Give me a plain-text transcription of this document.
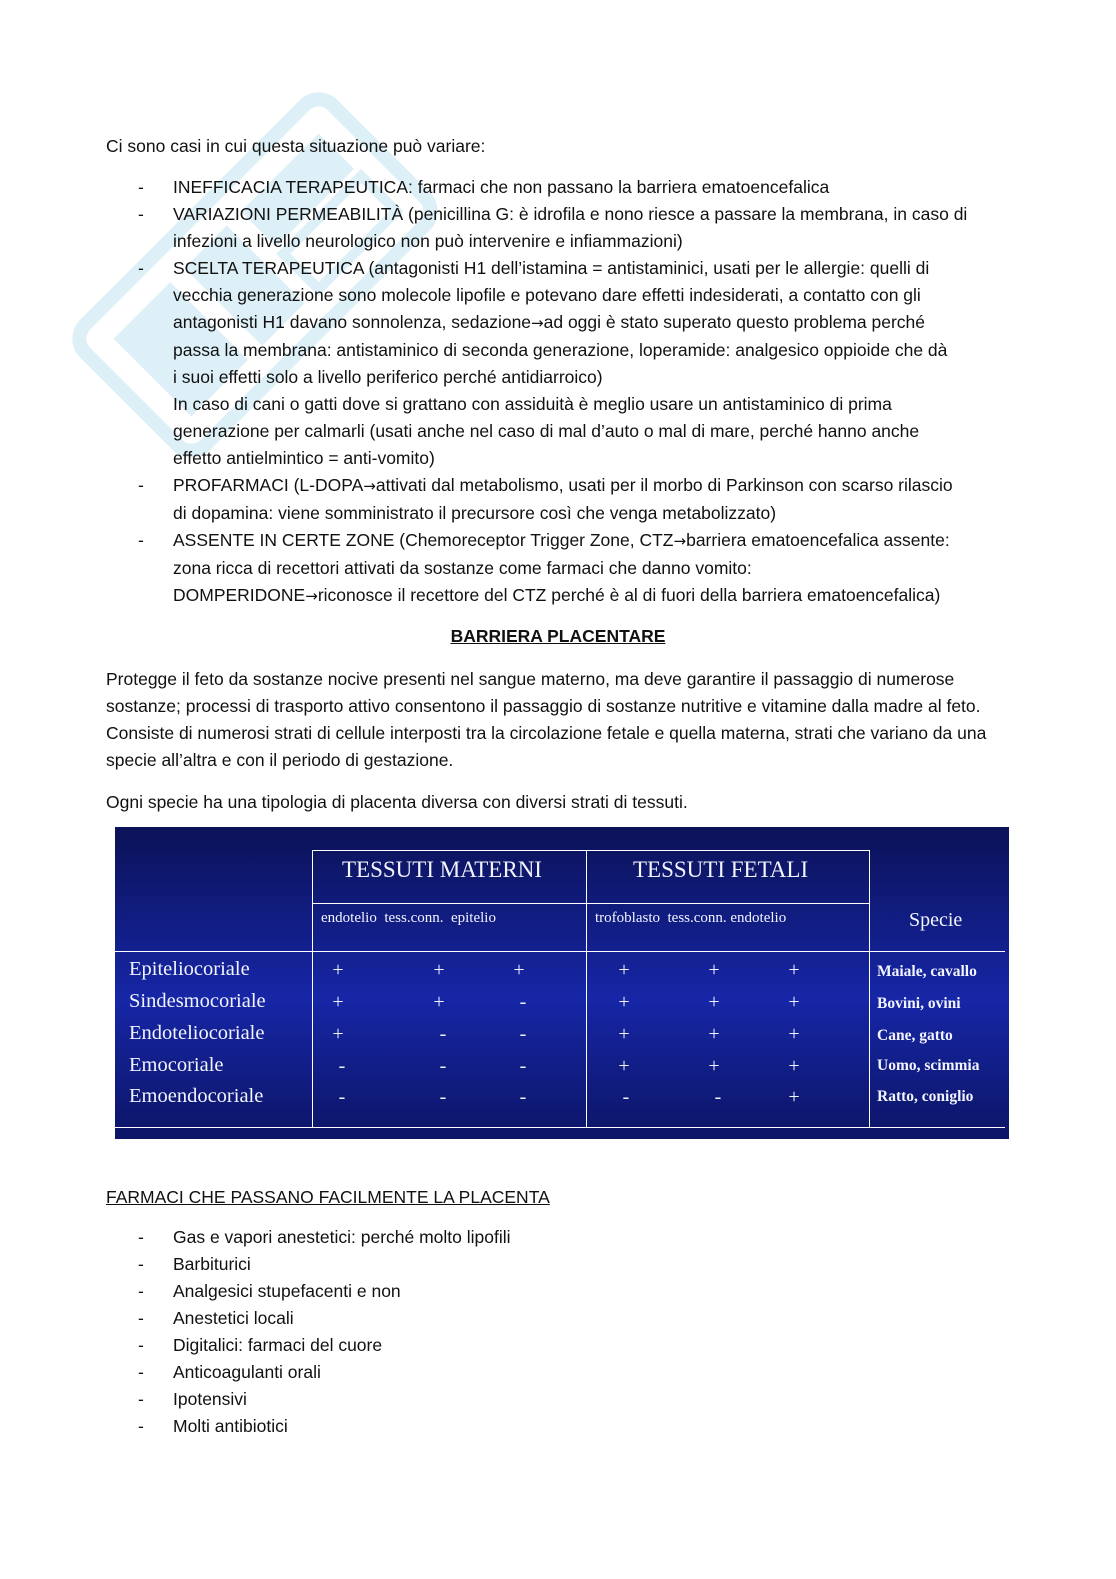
Ci sono casi in cui questa situazione può variare:
- INEFFICACIA TERAPEUTICA: farmaci che non passano la barriera ematoencefalica
- VARIAZIONI PERMEABILITÀ (penicillina G: è idrofila e nono riesce a passare la membrana, in caso di
infezioni a livello neurologico non può intervenire e infiammazioni)
- SCELTA TERAPEUTICA (antagonisti H1 dell’istamina = antistaminici, usati per le allergie: quelli di
vecchia generazione sono molecole lipofile e potevano dare effetti indesiderati, a contatto con gli
antagonisti H1 davano sonnolenza, sedazione→ad oggi è stato superato questo problema perché
passa la membrana: antistaminico di seconda generazione, loperamide: analgesico oppioide che dà
i suoi effetti solo a livello periferico perché antidiarroico)
In caso di cani o gatti dove si grattano con assiduità è meglio usare un antistaminico di prima
generazione per calmarli (usati anche nel caso di mal d’auto o mal di mare, perché hanno anche
effetto antielmintico = anti-vomito)
- PROFARMACI (L-DOPA→attivati dal metabolismo, usati per il morbo di Parkinson con scarso rilascio
di dopamina: viene somministrato il precursore così che venga metabolizzato)
- ASSENTE IN CERTE ZONE (Chemoreceptor Trigger Zone, CTZ→barriera ematoencefalica assente:
zona ricca di recettori attivati da sostanze come farmaci che danno vomito:
DOMPERIDONE→riconosce il recettore del CTZ perché è al di fuori della barriera ematoencefalica)
BARRIERA PLACENTARE

Protegge il feto da sostanze nocive presenti nel sangue materno, ma deve garantire il passaggio di numerose sostanze; processi di trasporto attivo consentono il passaggio di sostanze nutritive e vitamine dalla madre al feto. Consiste di numerosi strati di cellule interposti tra la circolazione fetale e quella materna, strati che variano da una specie all’altra e con il periodo di gestazione.

Ogni specie ha una tipologia di placenta diversa con diversi strati di tessuti.

TESSUTI MATERNI	TESSUTI FETALI
endotelio  tess.conn.  epitelio	trofoblasto  tess.conn. endotelio	Specie
Epiteliocoriale	+	+	+	+	+	+	Maiale, cavallo
Sindesmocoriale	+	+	-	+	+	+	Bovini, ovini
Endoteliocoriale	+	-	-	+	+	+	Cane, gatto
Emocoriale	-	-	-	+	+	+	Uomo, scimmia
Emoendocoriale	-	-	-	-	-	+	Ratto, coniglio
FARMACI CHE PASSANO FACILMENTE LA PLACENTA
- Gas e vapori anestetici: perché molto lipofili
- Barbiturici
- Analgesici stupefacenti e non
- Anestetici locali
- Digitalici: farmaci del cuore
- Anticoagulanti orali
- Ipotensivi
- Molti antibiotici
